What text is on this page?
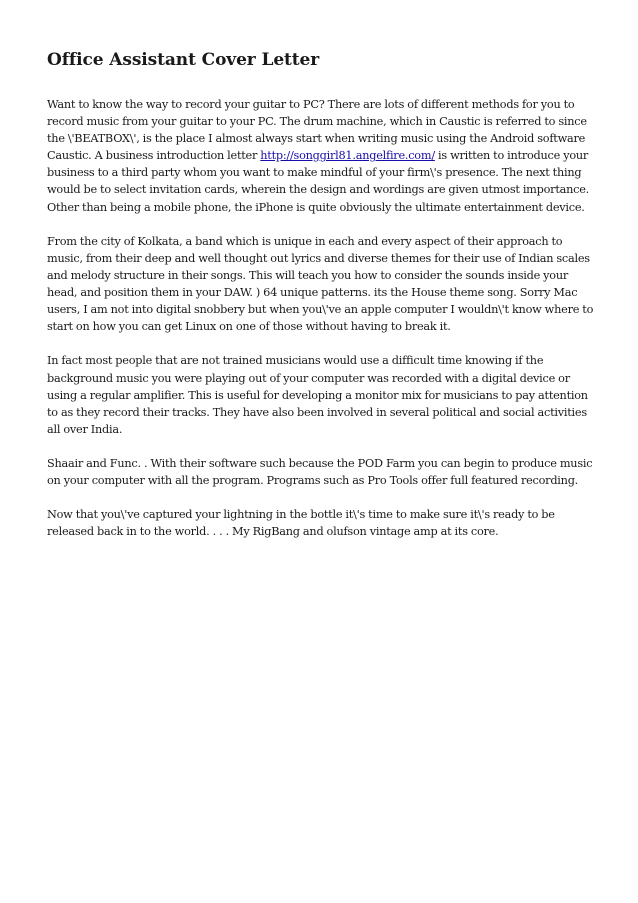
Office Assistant Cover Letter

Want to know the way to record your guitar to PC? There are lots of different methods for you to record music from your guitar to your PC. The drum machine, which in Caustic is referred to since the \'BEATBOX\', is the place I almost always start when writing music using the Android software Caustic. A business introduction letter http://songgirl81.angelfire.com/ is written to introduce your business to a third party whom you want to make mindful of your firm\'s presence. The next thing would be to select invitation cards, wherein the design and wordings are given utmost importance. Other than being a mobile phone, the iPhone is quite obviously the ultimate entertainment device.

From the city of Kolkata, a band which is unique in each and every aspect of their approach to music, from their deep and well thought out lyrics and diverse themes for their use of Indian scales and melody structure in their songs. This will teach you how to consider the sounds inside your head, and position them in your DAW. ) 64 unique patterns. its the House theme song. Sorry Mac users, I am not into digital snobbery but when you\'ve an apple computer I wouldn\'t know where to start on how you can get Linux on one of those without having to break it.

In fact most people that are not trained musicians would use a difficult time knowing if the background music you were playing out of your computer was recorded with a digital device or using a regular amplifier. This is useful for developing a monitor mix for musicians to pay attention to as they record their tracks. They have also been involved in several political and social activities all over India.

Shaair and Func. . With their software such because the POD Farm you can begin to produce music on your computer with all the program. Programs such as Pro Tools offer full featured recording.

Now that you\'ve captured your lightning in the bottle it\'s time to make sure it\'s ready to be released back in to the world. . . . My RigBang and olufson vintage amp at its core.
